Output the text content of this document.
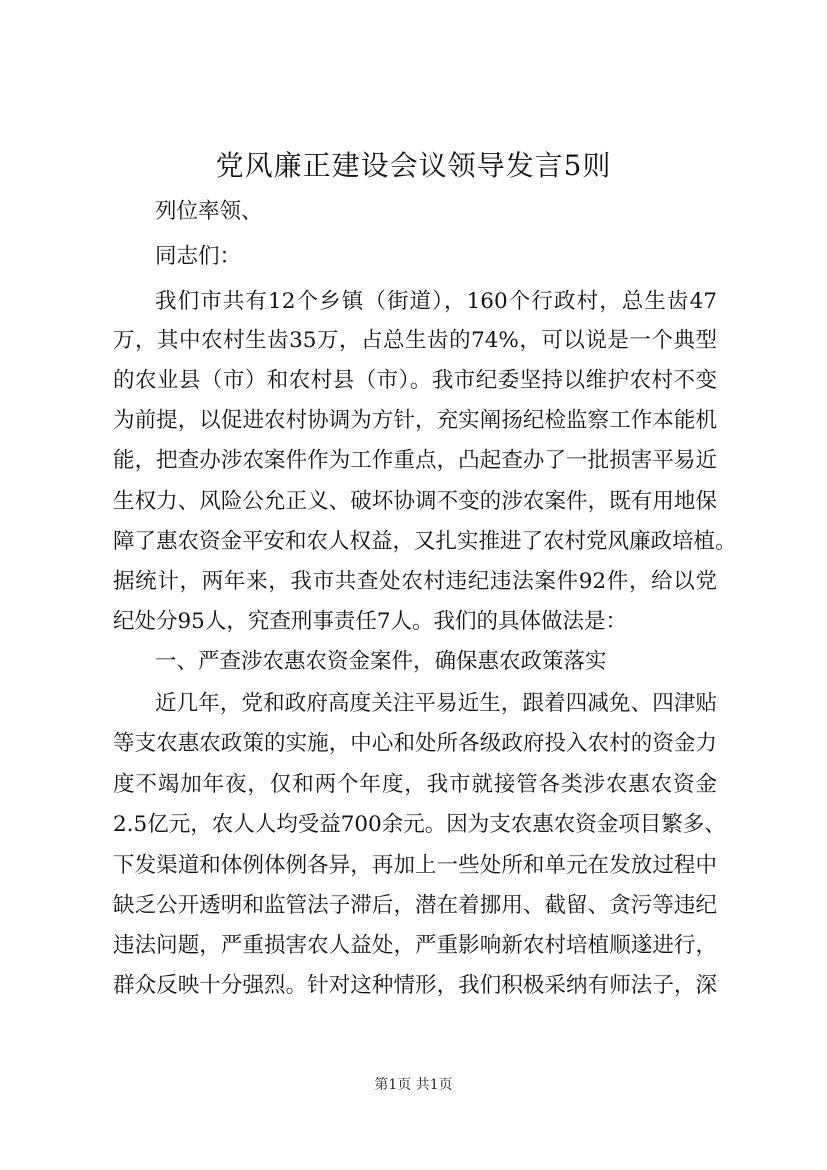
党风廉正建设会议领导发言5则
列位率领、
同志们：
我们市共有12个乡镇（街道），160个行政村，总生齿47
万，其中农村生齿35万，占总生齿的74%，可以说是一个典型
的农业县（市）和农村县（市）。我市纪委坚持以维护农村不变
为前提，以促进农村协调为方针，充实阐扬纪检监察工作本能机
能，把查办涉农案件作为工作重点，凸起查办了一批损害平易近
生权力、风险公允正义、破坏协调不变的涉农案件，既有用地保
障了惠农资金平安和农人权益，又扎实推进了农村党风廉政培植。
据统计，两年来，我市共查处农村违纪违法案件92件，给以党
纪处分95人，究查刑事责任7人。我们的具体做法是：
一、严查涉农惠农资金案件，确保惠农政策落实
近几年，党和政府高度关注平易近生，跟着四减免、四津贴
等支农惠农政策的实施，中心和处所各级政府投入农村的资金力
度不竭加年夜，仅和两个年度，我市就接管各类涉农惠农资金
2.5亿元，农人人均受益700余元。因为支农惠农资金项目繁多、
下发渠道和体例体例各异，再加上一些处所和单元在发放过程中
缺乏公开透明和监管法子滞后，潜在着挪用、截留、贪污等违纪
违法问题，严重损害农人益处，严重影响新农村培植顺遂进行，
群众反映十分强烈。针对这种情形，我们积极采纳有师法子，深
第1页 共1页
